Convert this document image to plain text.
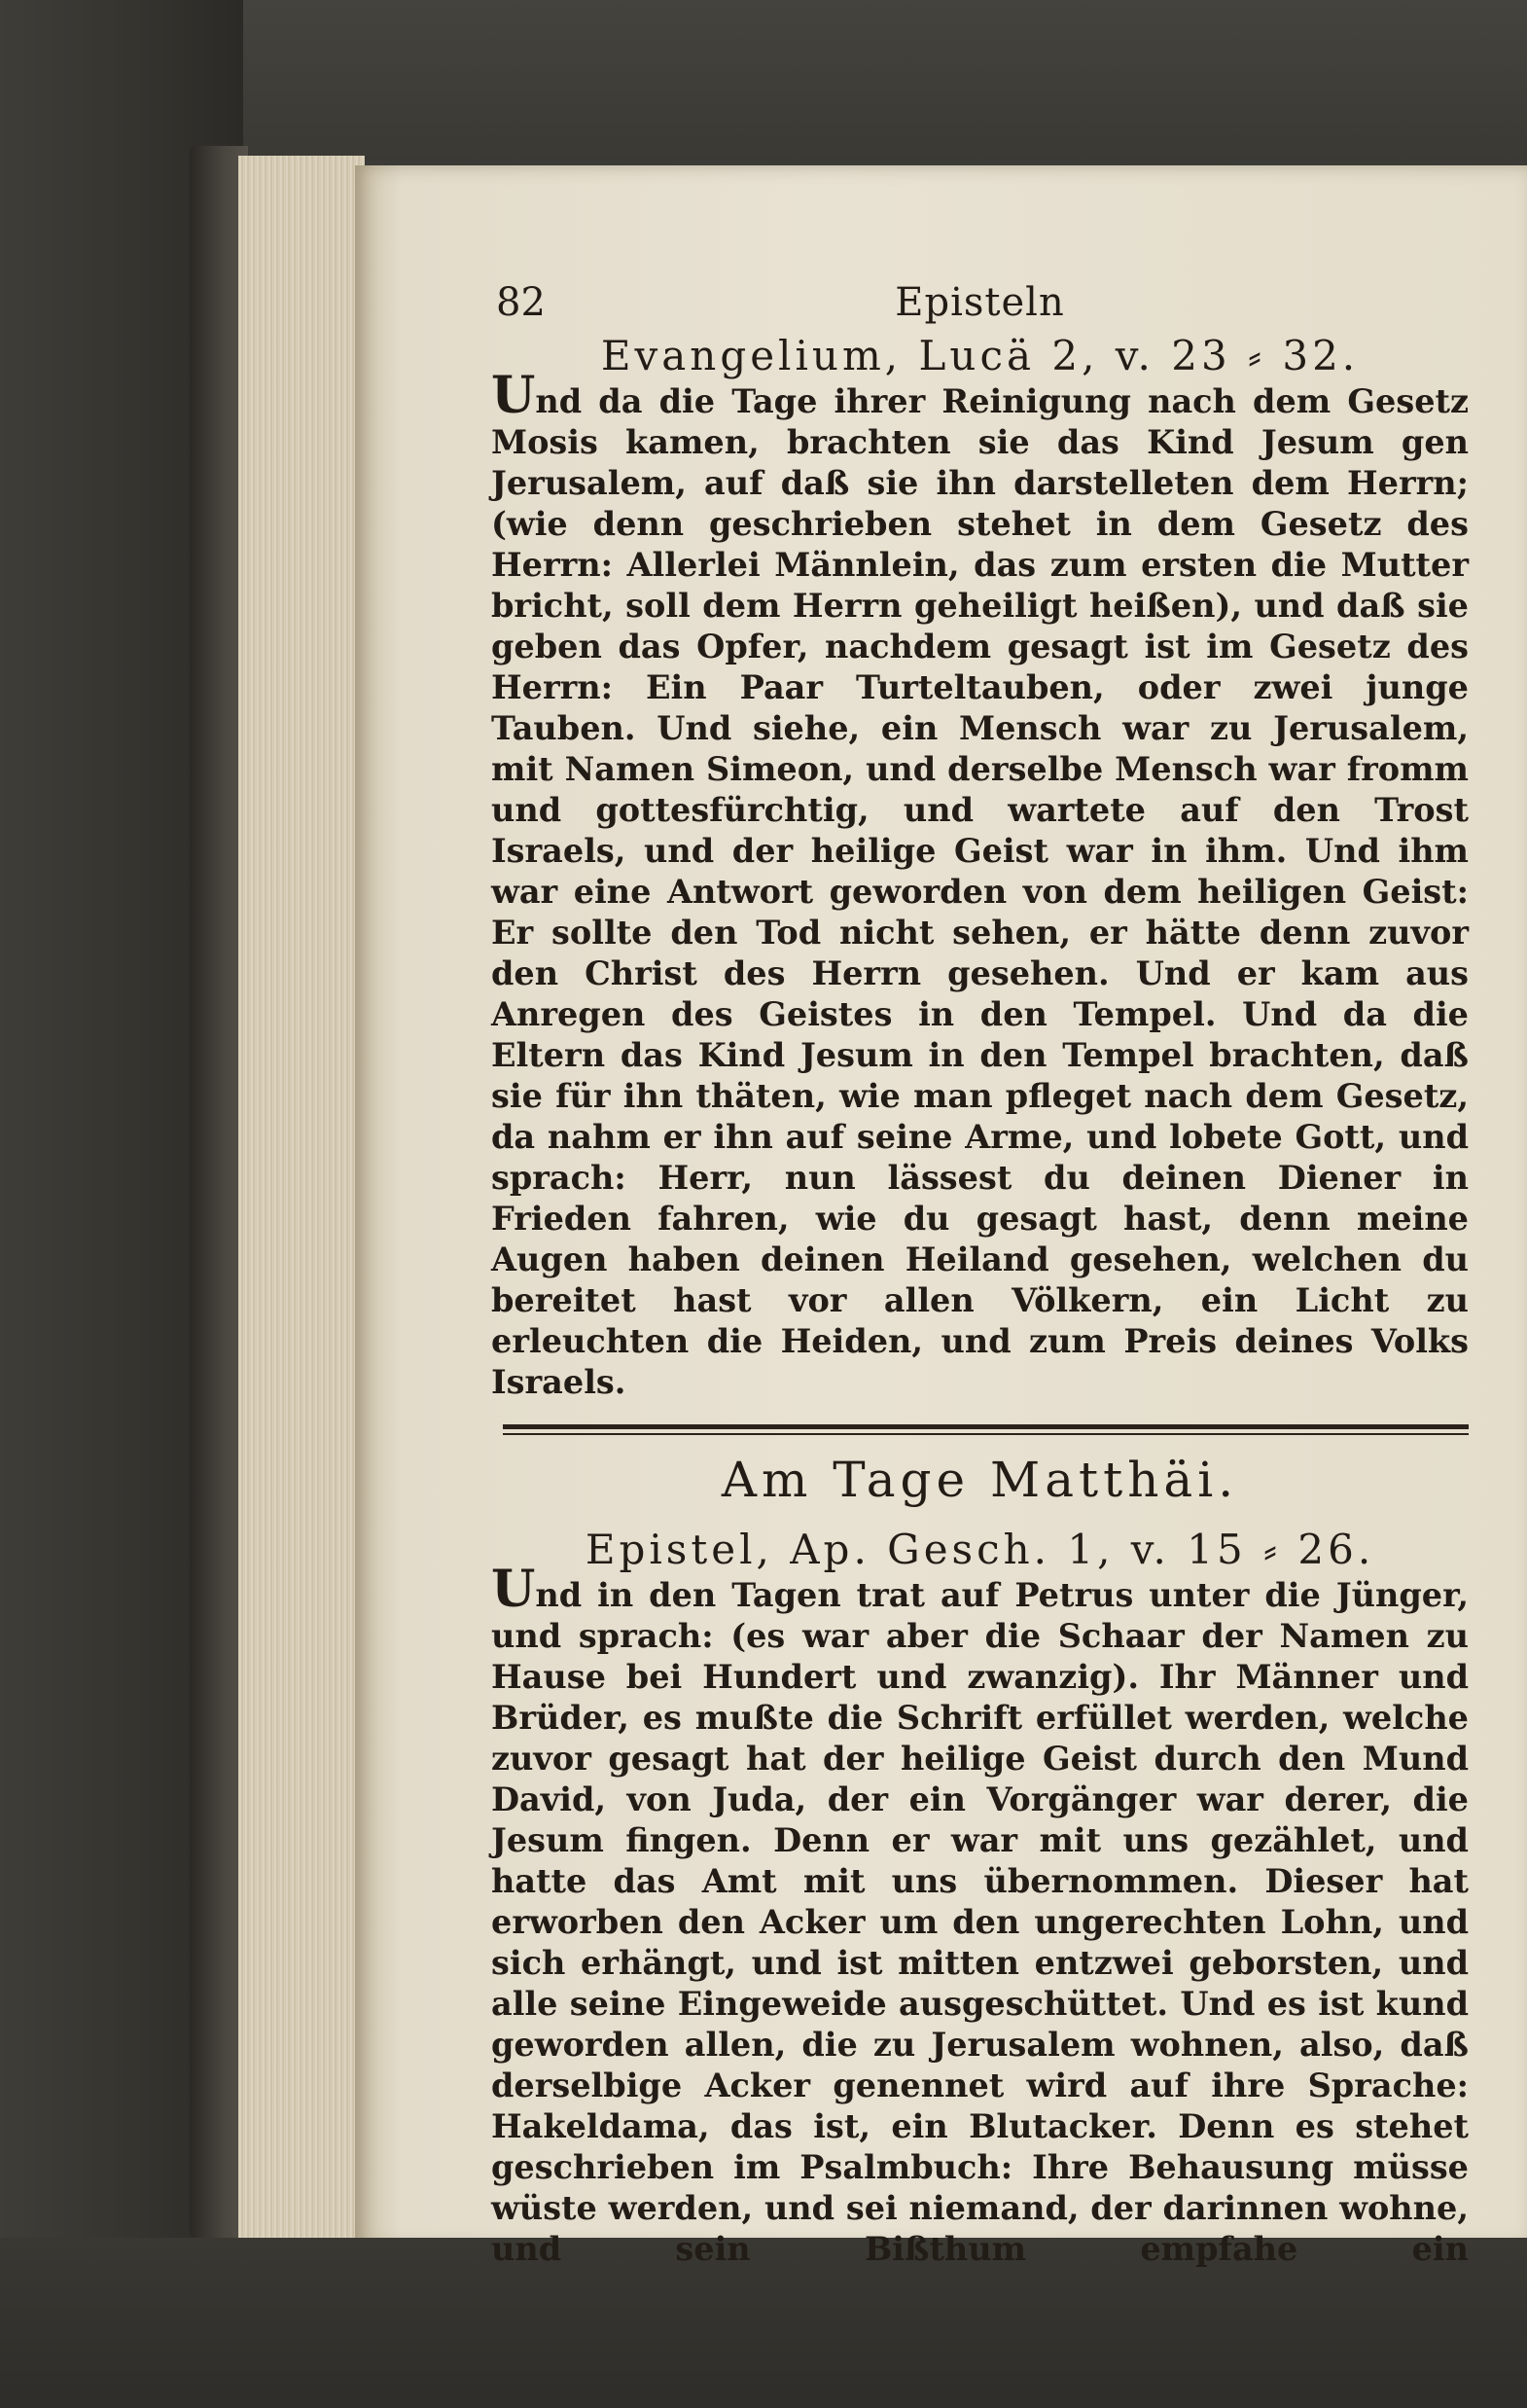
82	Episteln

Evangelium, Lucä 2, v. 23 ⸗ 32.

Und da die Tage ihrer Reinigung nach dem Gesetz Mosis kamen, brachten sie das Kind Jesum gen Jerusalem, auf daß sie ihn darstelleten dem Herrn; (wie denn geschrieben stehet in dem Gesetz des Herrn: Allerlei Männlein, das zum ersten die Mutter bricht, soll dem Herrn geheiligt heißen), und daß sie geben das Opfer, nachdem gesagt ist im Gesetz des Herrn: Ein Paar Turteltauben, oder zwei junge Tauben. Und siehe, ein Mensch war zu Jerusalem, mit Namen Simeon, und derselbe Mensch war fromm und gottesfürchtig, und wartete auf den Trost Israels, und der heilige Geist war in ihm. Und ihm war eine Antwort geworden von dem heiligen Geist: Er sollte den Tod nicht sehen, er hätte denn zuvor den Christ des Herrn gesehen. Und er kam aus Anregen des Geistes in den Tempel. Und da die Eltern das Kind Jesum in den Tempel brachten, daß sie für ihn thäten, wie man pfleget nach dem Gesetz, da nahm er ihn auf seine Arme, und lobete Gott, und sprach: Herr, nun lässest du deinen Diener in Frieden fahren, wie du gesagt hast, denn meine Augen haben deinen Heiland gesehen, welchen du bereitet hast vor allen Völkern, ein Licht zu erleuchten die Heiden, und zum Preis deines Volks Israels.

Am Tage Matthäi.

Epistel, Ap. Gesch. 1, v. 15 ⸗ 26.

Und in den Tagen trat auf Petrus unter die Jünger, und sprach: (es war aber die Schaar der Namen zu Hause bei Hundert und zwanzig). Ihr Männer und Brüder, es mußte die Schrift erfüllet werden, welche zuvor gesagt hat der heilige Geist durch den Mund David, von Juda, der ein Vorgänger war derer, die Jesum fingen. Denn er war mit uns gezählet, und hatte das Amt mit uns übernommen. Dieser hat erworben den Acker um den ungerechten Lohn, und sich erhängt, und ist mitten entzwei geborsten, und alle seine Eingeweide ausgeschüttet. Und es ist kund geworden allen, die zu Jerusalem wohnen, also, daß derselbige Acker genennet wird auf ihre Sprache: Hakeldama, das ist, ein Blutacker. Denn es stehet geschrieben im Psalmbuch: Ihre Behausung müsse wüste werden, und sei niemand, der darinnen wohne, und sein Bißthum empfahe ein
